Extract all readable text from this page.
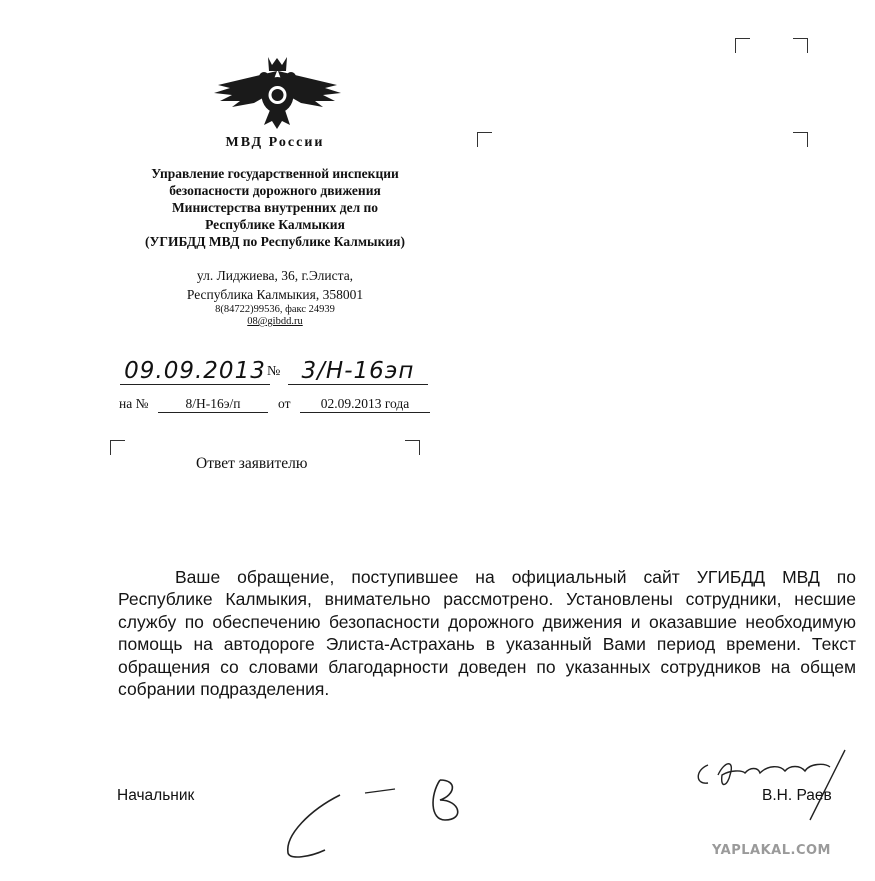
МВД России
Управление государственной инспекции
безопасности дорожного движения
Министерства внутренних дел по
Республике Калмыкия
(УГИБДД МВД по Республике Калмыкия)
ул. Лиджиева, 36, г.Элиста,
Республика Калмыкия, 358001
8(84722)99536, факс 24939
08@gibdd.ru
09.09.2013 № 3/Н-16эп
на №	8/Н-16э/п	от	02.09.2013 года
Ответ заявителю
Ваше обращение, поступившее на официальный сайт УГИБДД МВД по Республике Калмыкия, внимательно рассмотрено. Установлены сотрудники, несшие службу по обеспечению безопасности дорожного движения и оказавшие необходимую помощь на автодороге Элиста-Астрахань в указанный Вами период времени. Текст обращения со словами благодарности доведен по указанных сотрудников на общем собрании подразделения.
Начальник	В.Н. Раев
YAPLAKAL.COM
